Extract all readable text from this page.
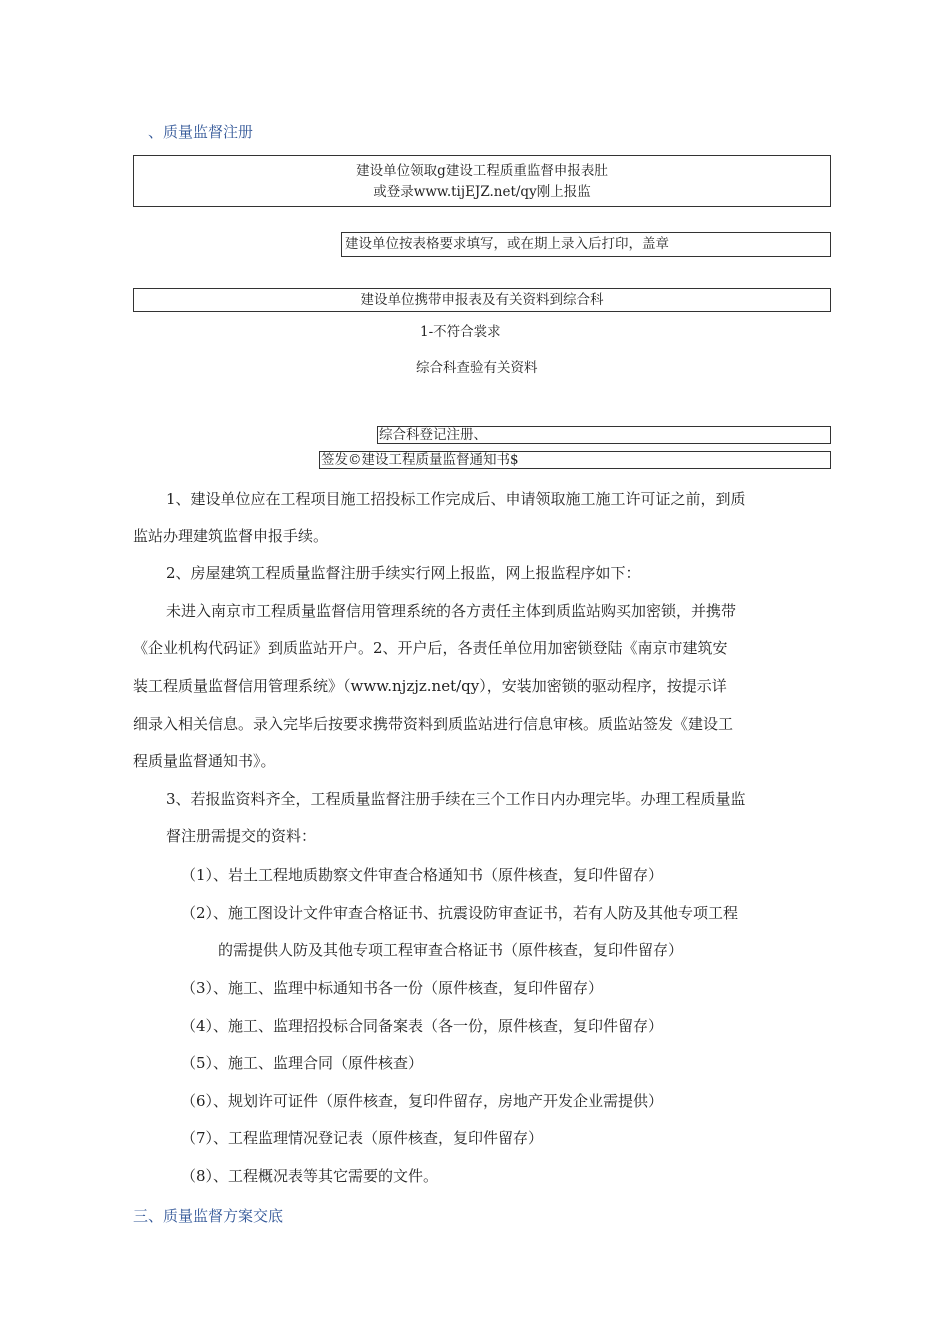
、质量监督注册
建设单位领取g建设工程质重监督申报表肚
或登录www.tijEJZ.net/qy刚上报监
建设单位按表格要求填写，或在期上录入后打印，盖章
建设单位携带申报表及有关资料到综合科
1-不符合裳求
综合科查验有关资料
综合科登记注册、
签发©建设工程质量监督通知书$
1、建设单位应在工程项目施工招投标工作完成后、申请领取施工施工许可证之前，到质
监站办理建筑监督申报手续。
2、房屋建筑工程质量监督注册手续实行网上报监，网上报监程序如下：
未进入南京市工程质量监督信用管理系统的各方责任主体到质监站购买加密锁，并携带
《企业机构代码证》到质监站开户。2、开户后，各责任单位用加密锁登陆《南京市建筑安
装工程质量监督信用管理系统》（www.njzjz.net/qy），安装加密锁的驱动程序，按提示详
细录入相关信息。录入完毕后按要求携带资料到质监站进行信息审核。质监站签发《建设工
程质量监督通知书》。
3、若报监资料齐全，工程质量监督注册手续在三个工作日内办理完毕。办理工程质量监
督注册需提交的资料：
（1）、岩土工程地质勘察文件审查合格通知书（原件核查，复印件留存）
（2）、施工图设计文件审查合格证书、抗震设防审查证书，若有人防及其他专项工程
的需提供人防及其他专项工程审查合格证书（原件核查，复印件留存）
（3）、施工、监理中标通知书各一份（原件核查，复印件留存）
（4）、施工、监理招投标合同备案表（各一份，原件核查，复印件留存）
（5）、施工、监理合同（原件核查）
（6）、规划许可证件（原件核查，复印件留存，房地产开发企业需提供）
（7）、工程监理情况登记表（原件核查，复印件留存）
（8）、工程概况表等其它需要的文件。
三、质量监督方案交底
